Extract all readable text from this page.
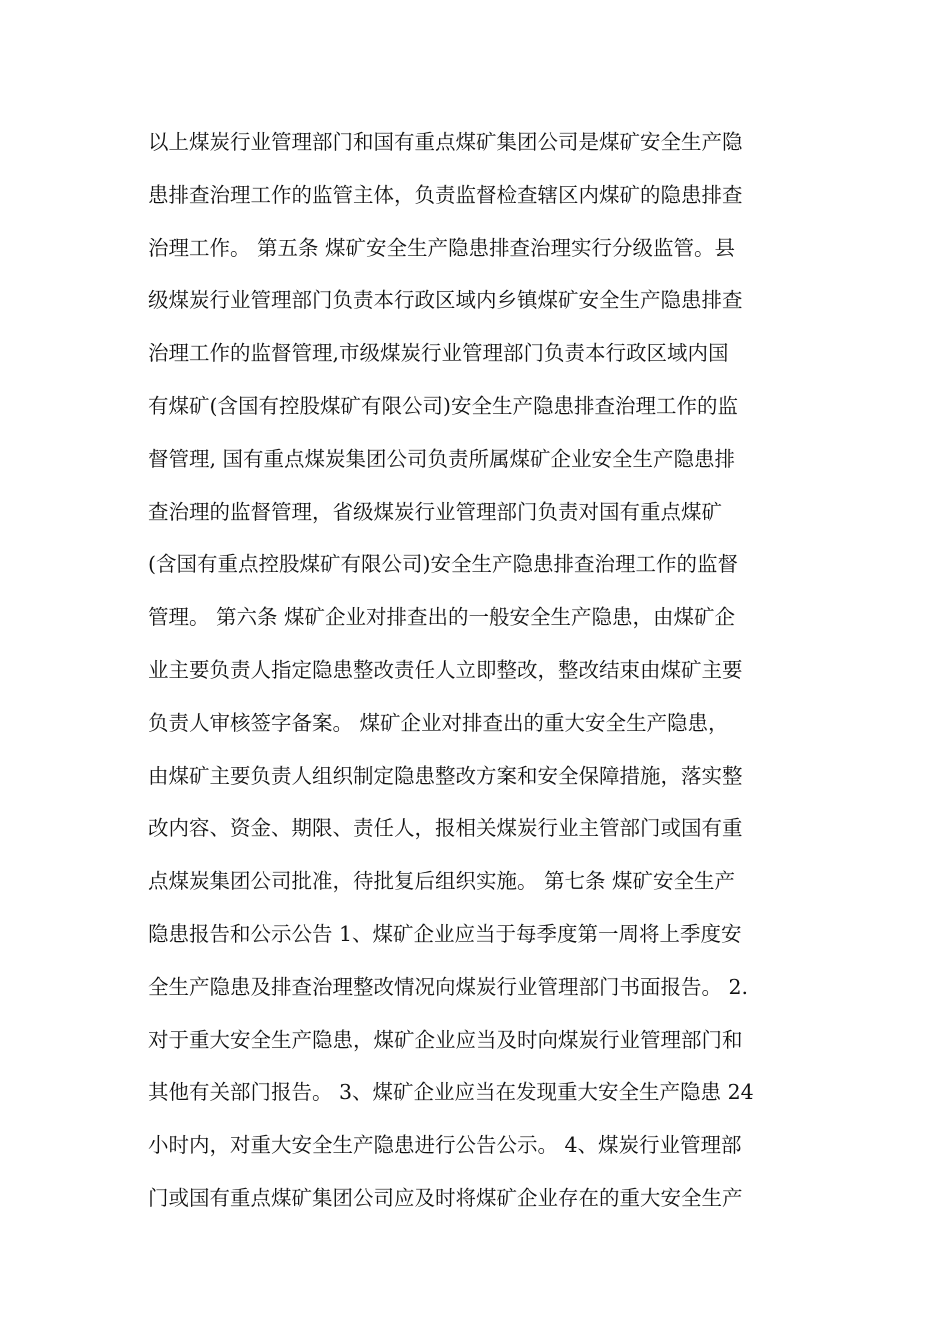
以上煤炭行业管理部门和国有重点煤矿集团公司是煤矿安全生产隐
患排查治理工作的监管主体，负责监督检查辖区内煤矿的隐患排查
治理工作。 第五条 煤矿安全生产隐患排查治理实行分级监管。县
级煤炭行业管理部门负责本行政区域内乡镇煤矿安全生产隐患排查
治理工作的监督管理,市级煤炭行业管理部门负责本行政区域内国
有煤矿(含国有控股煤矿有限公司)安全生产隐患排查治理工作的监
督管理, 国有重点煤炭集团公司负责所属煤矿企业安全生产隐患排
查治理的监督管理，省级煤炭行业管理部门负责对国有重点煤矿
(含国有重点控股煤矿有限公司)安全生产隐患排查治理工作的监督
管理。 第六条 煤矿企业对排查出的一般安全生产隐患，由煤矿企
业主要负责人指定隐患整改责任人立即整改，整改结束由煤矿主要
负责人审核签字备案。 煤矿企业对排查出的重大安全生产隐患，
由煤矿主要负责人组织制定隐患整改方案和安全保障措施，落实整
改内容、资金、期限、责任人，报相关煤炭行业主管部门或国有重
点煤炭集团公司批准，待批复后组织实施。 第七条 煤矿安全生产
隐患报告和公示公告 1、煤矿企业应当于每季度第一周将上季度安
全生产隐患及排查治理整改情况向煤炭行业管理部门书面报告。 2.
对于重大安全生产隐患，煤矿企业应当及时向煤炭行业管理部门和
其他有关部门报告。 3、煤矿企业应当在发现重大安全生产隐患 24
小时内，对重大安全生产隐患进行公告公示。 4、煤炭行业管理部
门或国有重点煤矿集团公司应及时将煤矿企业存在的重大安全生产
